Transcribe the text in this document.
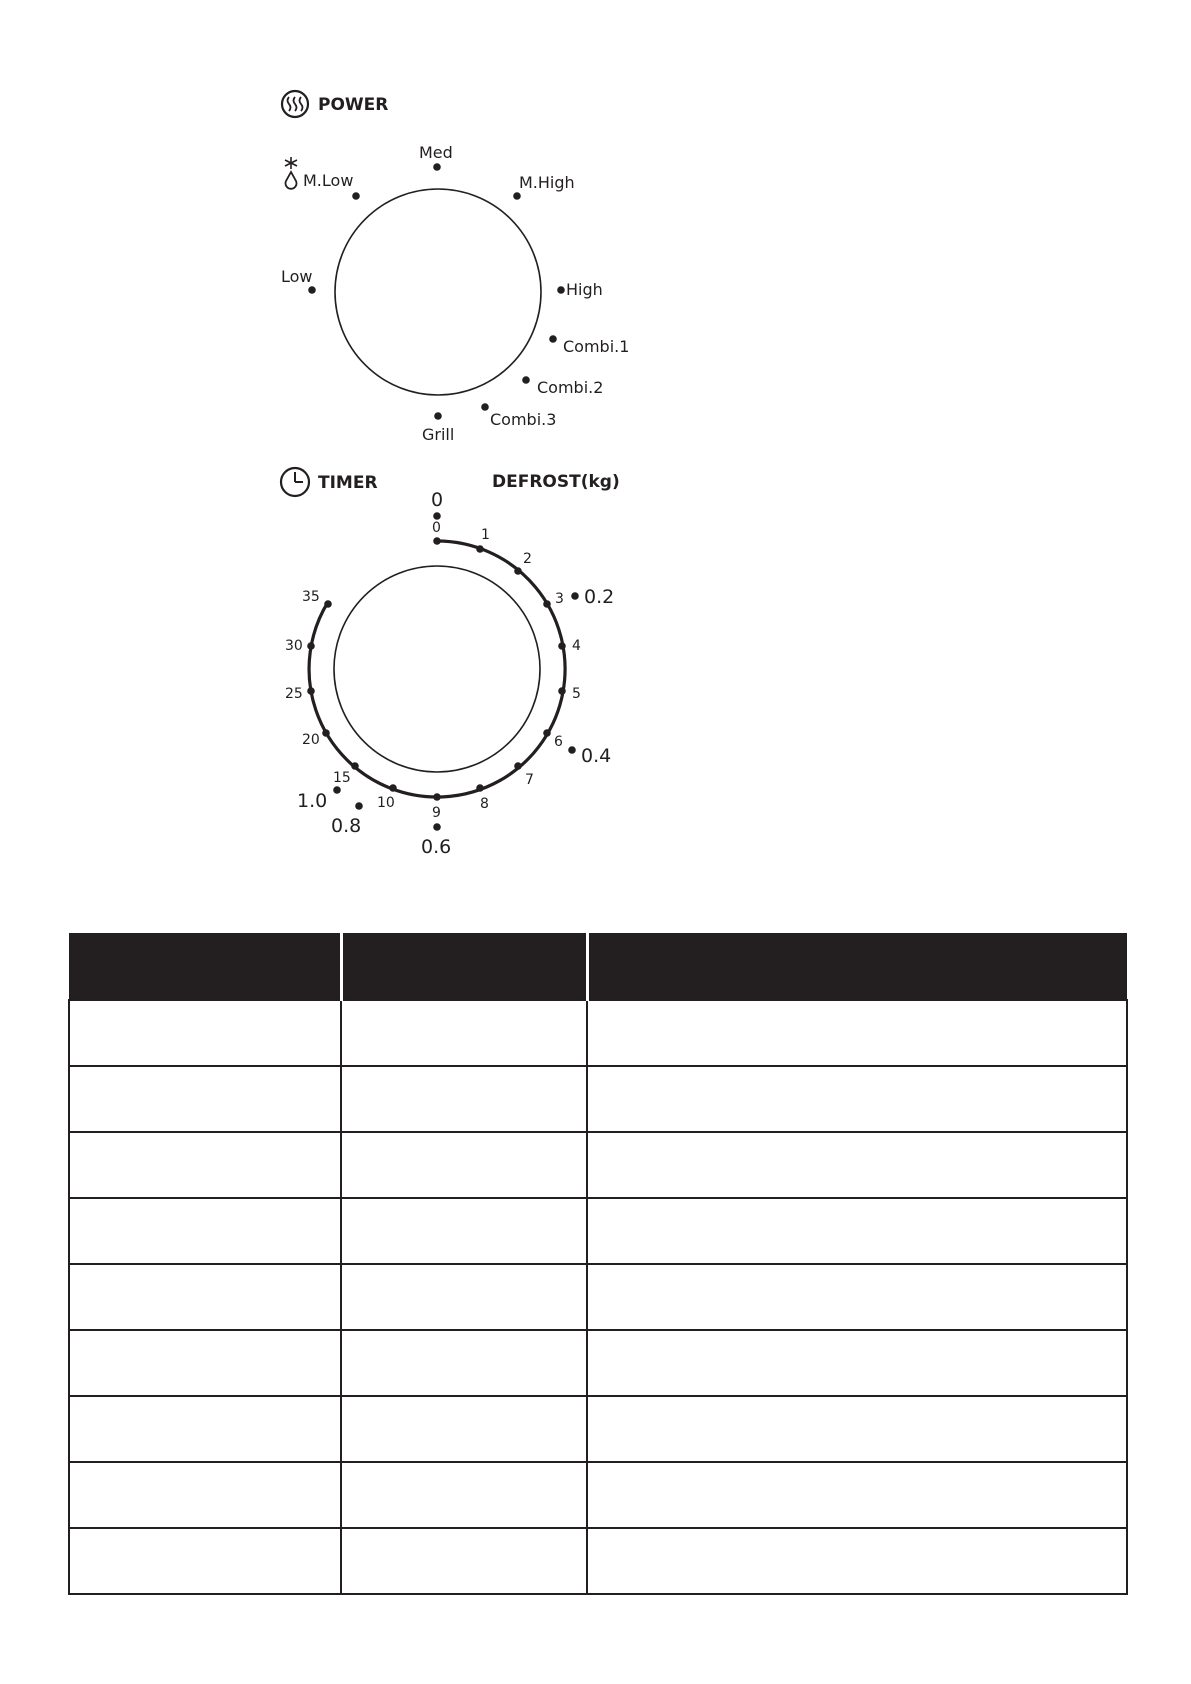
POWER
Low
M.Low
Med
M.High
High
Combi.1
Combi.2
Combi.3
Grill
TIMER	DEFROST(kg)
0	1
2
3
4
5
6
7
8
9
10
15
20
25
30
35
0
0.2
0.4
0.6
0.8
1.0
